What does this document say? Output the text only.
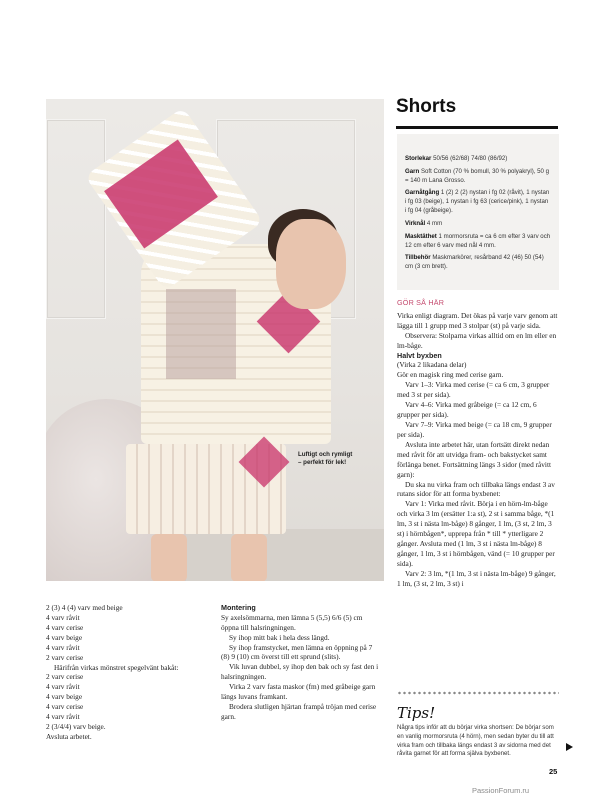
Luftigt och rymligt
– perfekt för lek!
Shorts
Storlekar 50/56 (62/68) 74/80 (86/92)
Garn Soft Cotton (70 % bomull, 30 % polyakryl), 50 g = 140 m Lana Grosso.
Garnåtgång 1 (2) 2 (2) nystan i fg 02 (råvit), 1 nystan i fg 03 (beige), 1 nystan i fg 63 (cerice/pink), 1 nystan i fg 04 (gråbeige).
Virknål 4 mm
Masktäthet 1 mormorsruta = ca 6 cm efter 3 varv och 12 cm efter 6 varv med nål 4 mm.
Tillbehör Maskmarkörer, resårband 42 (46) 50 (54) cm (3 cm brett).
GÖR SÅ HÄR

Virka enligt diagram. Det ökas på varje varv genom att lägga till 1 grupp med 3 stolpar (st) på varje sida.

Observera: Stolparna virkas alltid om en lm eller en lm-båge.

Halvt byxben

(Virka 2 likadana delar)

Gör en magisk ring med cerise garn.

Varv 1–3: Virka med cerise (= ca 6 cm, 3 grupper med 3 st per sida).

Varv 4–6: Virka med gråbeige (= ca 12 cm, 6 grupper per sida).

Varv 7–9: Virka med beige (= ca 18 cm, 9 grupper per sida).

Avsluta inte arbetet här, utan fortsätt direkt nedan med råvit för att utvidga fram- och bakstycket samt förlänga benet. Fortsättning längs 3 sidor (med råvitt garn):

Du ska nu virka fram och tillbaka längs endast 3 av rutans sidor för att forma byxbenet:

Varv 1: Virka med råvit. Börja i en hörn-lm-båge och virka 3 lm (ersätter 1:a st), 2 st i samma båge, *(1 lm, 3 st i nästa lm-båge) 8 gånger, 1 lm, (3 st, 2 lm, 3 st) i hörnbågen*, upprepa från * till * ytterligare 2 gånger. Avsluta med (1 lm, 3 st i nästa lm-båge) 8 gånger, 1 lm, 3 st i hörnbågen, vänd (= 10 grupper per sida).

Varv 2: 3 lm, *(1 lm, 3 st i nästa lm-båge) 9 gånger, 1 lm, (3 st, 2 lm, 3 st) i

2 (3) 4 (4) varv med beige

4 varv råvit

4 varv cerise

4 varv beige

4 varv råvit

2 varv cerise

Härifrån virkas mönstret spegelvänt bakåt:

2 varv cerise

4 varv råvit

4 varv beige

4 varv cerise

4 varv råvit

2 (3/4/4) varv beige.

Avsluta arbetet.

Montering

Sy axelsömmarna, men lämna 5 (5,5) 6/6 (5) cm öppna till halsringningen.

Sy ihop mitt bak i hela dess längd.

Sy ihop framstycket, men lämna en öppning på 7 (8) 9 (10) cm överst till ett sprund (slits).

Vik luvan dubbel, sy ihop den bak och sy fast den i halsringningen.

Virka 2 varv fasta maskor (fm) med gråbeige garn längs luvans framkant.

Brodera slutligen hjärtan frampå tröjan med cerise garn.	Tips!
Några tips inför att du börjar virka shortsen: De börjar som en vanlig mormorsruta (4 hörn), men sedan byter du till att virka fram och tillbaka längs endast 3 av sidorna med det råvita garnet för att forma själva byxbenet.
25
PassionForum.ru
